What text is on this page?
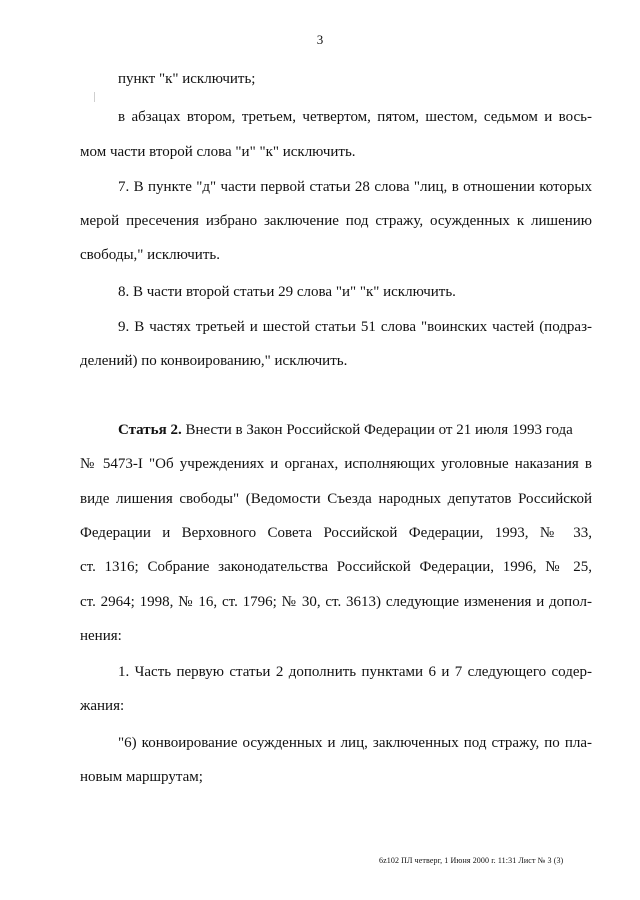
3
пункт "к" исключить;
в абзацах втором, третьем, четвертом, пятом, шестом, седьмом и вось-
мом части второй слова "и" "к" исключить.
7. В пункте "д" части первой статьи 28 слова "лиц, в отношении которых
мерой пресечения избрано заключение под стражу, осужденных к лишению
свободы," исключить.
8. В части второй статьи 29 слова "и" "к" исключить.
9. В частях третьей и шестой статьи 51 слова "воинских частей (подраз-
делений) по конвоированию," исключить.
Статья 2. Внести в Закон Российской Федерации от 21 июля 1993 года
№ 5473-I "Об учреждениях и органах, исполняющих уголовные наказания в
виде лишения свободы" (Ведомости Съезда народных депутатов Российской
Федерации и Верховного Совета Российской Федерации, 1993, № 33,
ст. 1316; Собрание законодательства Российской Федерации, 1996, № 25,
ст. 2964; 1998, № 16, ст. 1796; № 30, ст. 3613) следующие изменения и допол-
нения:
1. Часть первую статьи 2 дополнить пунктами 6 и 7 следующего содер-
жания:
"6) конвоирование осужденных и лиц, заключенных под стражу, по пла-
новым маршрутам;
6z102 ПЛ четверг, 1 Июня 2000 г. 11:31 Лист № 3 (3)
